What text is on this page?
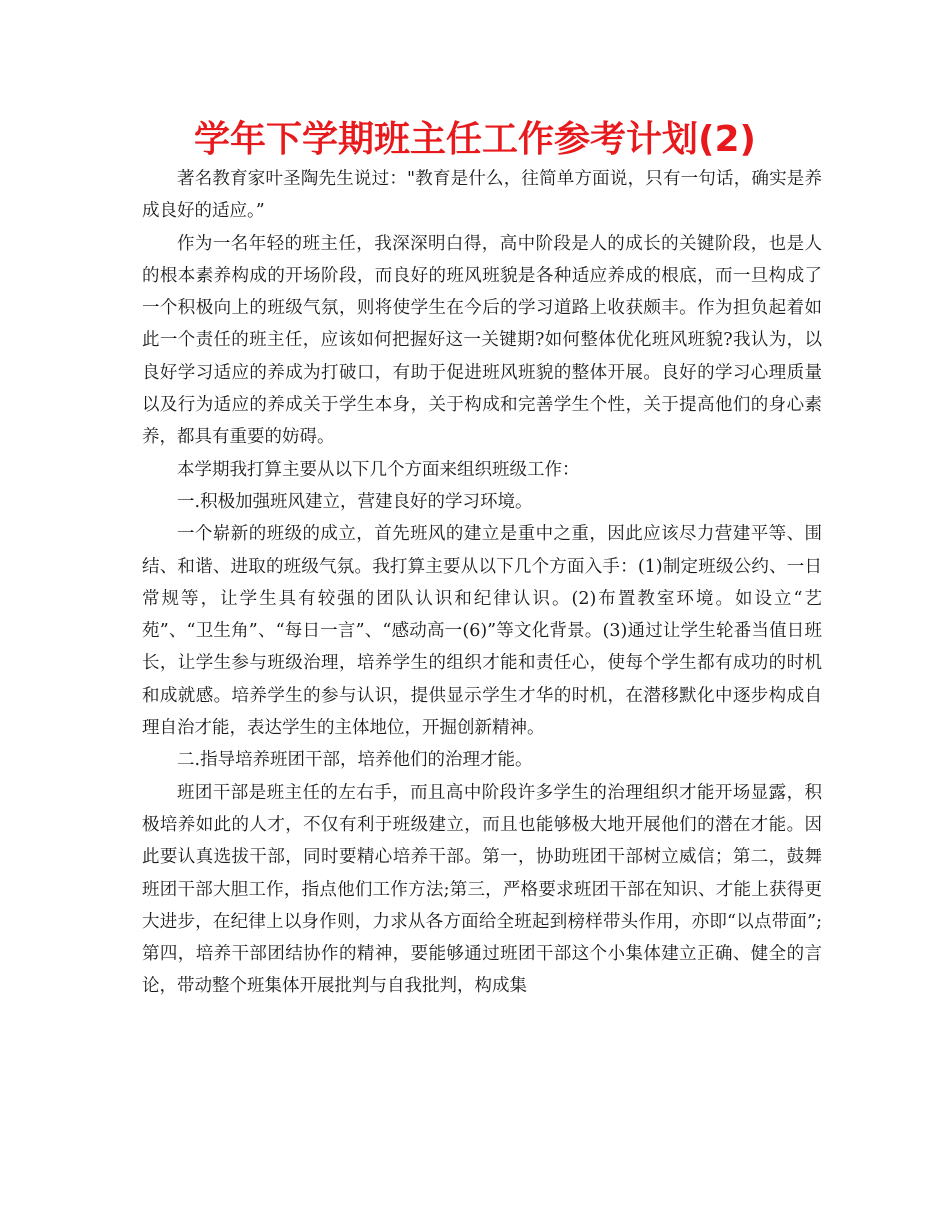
学年下学期班主任工作参考计划(2)

著名教育家叶圣陶先生说过："教育是什么，往简单方面说，只有一句话，确实是养成良好的适应。”

作为一名年轻的班主任，我深深明白得，高中阶段是人的成长的关键阶段，也是人的根本素养构成的开场阶段，而良好的班风班貌是各种适应养成的根底，而一旦构成了一个积极向上的班级气氛，则将使学生在今后的学习道路上收获颇丰。作为担负起着如此一个责任的班主任，应该如何把握好这一关键期?如何整体优化班风班貌?我认为，以良好学习适应的养成为打破口，有助于促进班风班貌的整体开展。良好的学习心理质量以及行为适应的养成关于学生本身，关于构成和完善学生个性，关于提高他们的身心素养，都具有重要的妨碍。

本学期我打算主要从以下几个方面来组织班级工作：

一.积极加强班风建立，营建良好的学习环境。

一个崭新的班级的成立，首先班风的建立是重中之重，因此应该尽力营建平等、围结、和谐、进取的班级气氛。我打算主要从以下几个方面入手：(1)制定班级公约、一日常规等，让学生具有较强的团队认识和纪律认识。(2)布置教室环境。如设立“艺苑”、“卫生角”、“每日一言”、“感动高一(6)”等文化背景。(3)通过让学生轮番当值日班长，让学生参与班级治理，培养学生的组织才能和责任心，使每个学生都有成功的时机和成就感。培养学生的参与认识，提供显示学生才华的时机，在潜移默化中逐步构成自理自治才能，表达学生的主体地位，开掘创新精神。

二.指导培养班团干部，培养他们的治理才能。

班团干部是班主任的左右手，而且高中阶段许多学生的治理组织才能开场显露，积极培养如此的人才，不仅有利于班级建立，而且也能够极大地开展他们的潜在才能。因此要认真选拔干部，同时要精心培养干部。第一，协助班团干部树立威信；第二，鼓舞班团干部大胆工作，指点他们工作方法;第三，严格要求班团干部在知识、才能上获得更大进步，在纪律上以身作则，力求从各方面给全班起到榜样带头作用，亦即“以点带面”;第四，培养干部团结协作的精神，要能够通过班团干部这个小集体建立正确、健全的言论，带动整个班集体开展批判与自我批判，构成集
